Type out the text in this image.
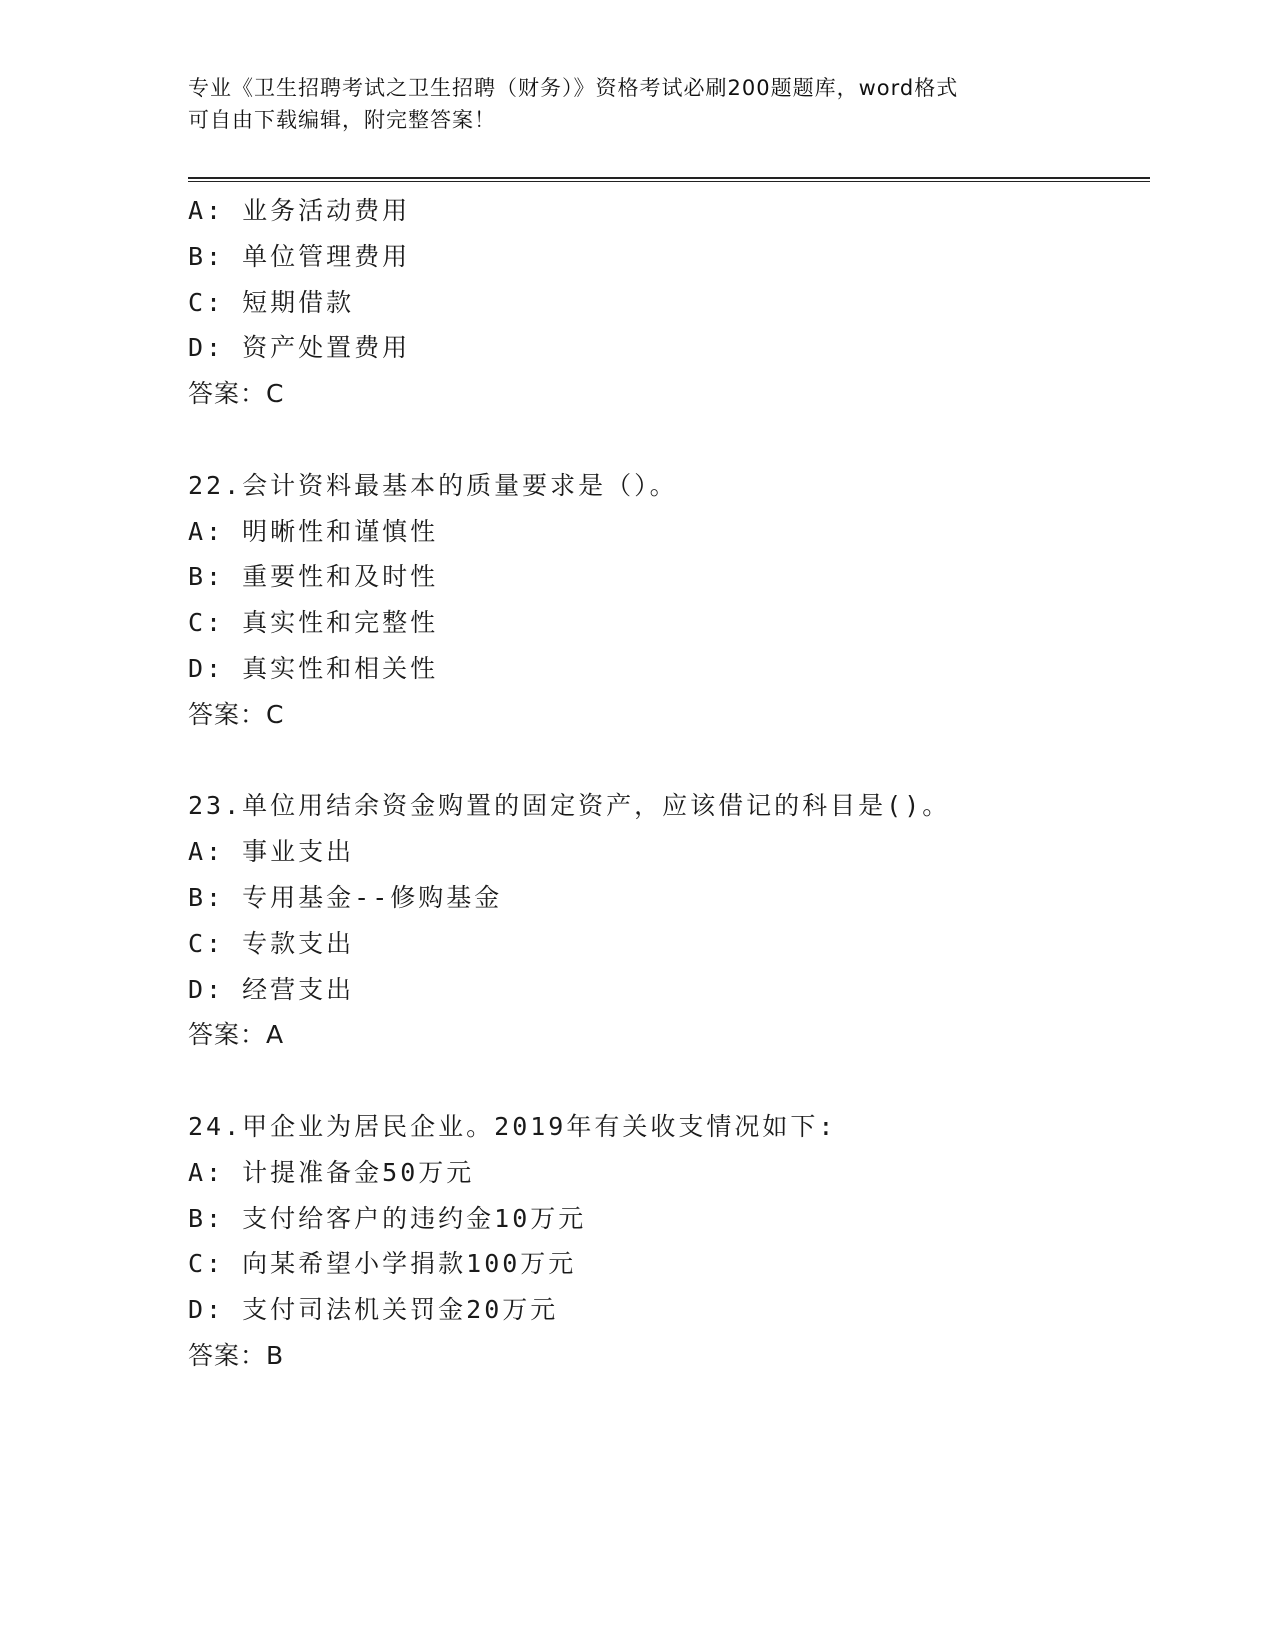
专业《卫生招聘考试之卫生招聘（财务）》资格考试必刷200题题库，word格式
可自由下载编辑，附完整答案！
A: 业务活动费用
B: 单位管理费用
C: 短期借款
D: 资产处置费用
答案：C
22.会计资料最基本的质量要求是（）。
A: 明晰性和谨慎性
B: 重要性和及时性
C: 真实性和完整性
D: 真实性和相关性
答案：C
23.单位用结余资金购置的固定资产，应该借记的科目是()。
A: 事业支出
B: 专用基金--修购基金
C: 专款支出
D: 经营支出
答案：A
24.甲企业为居民企业。2019年有关收支情况如下:
A: 计提准备金50万元
B: 支付给客户的违约金10万元
C: 向某希望小学捐款100万元
D: 支付司法机关罚金20万元
答案：B
